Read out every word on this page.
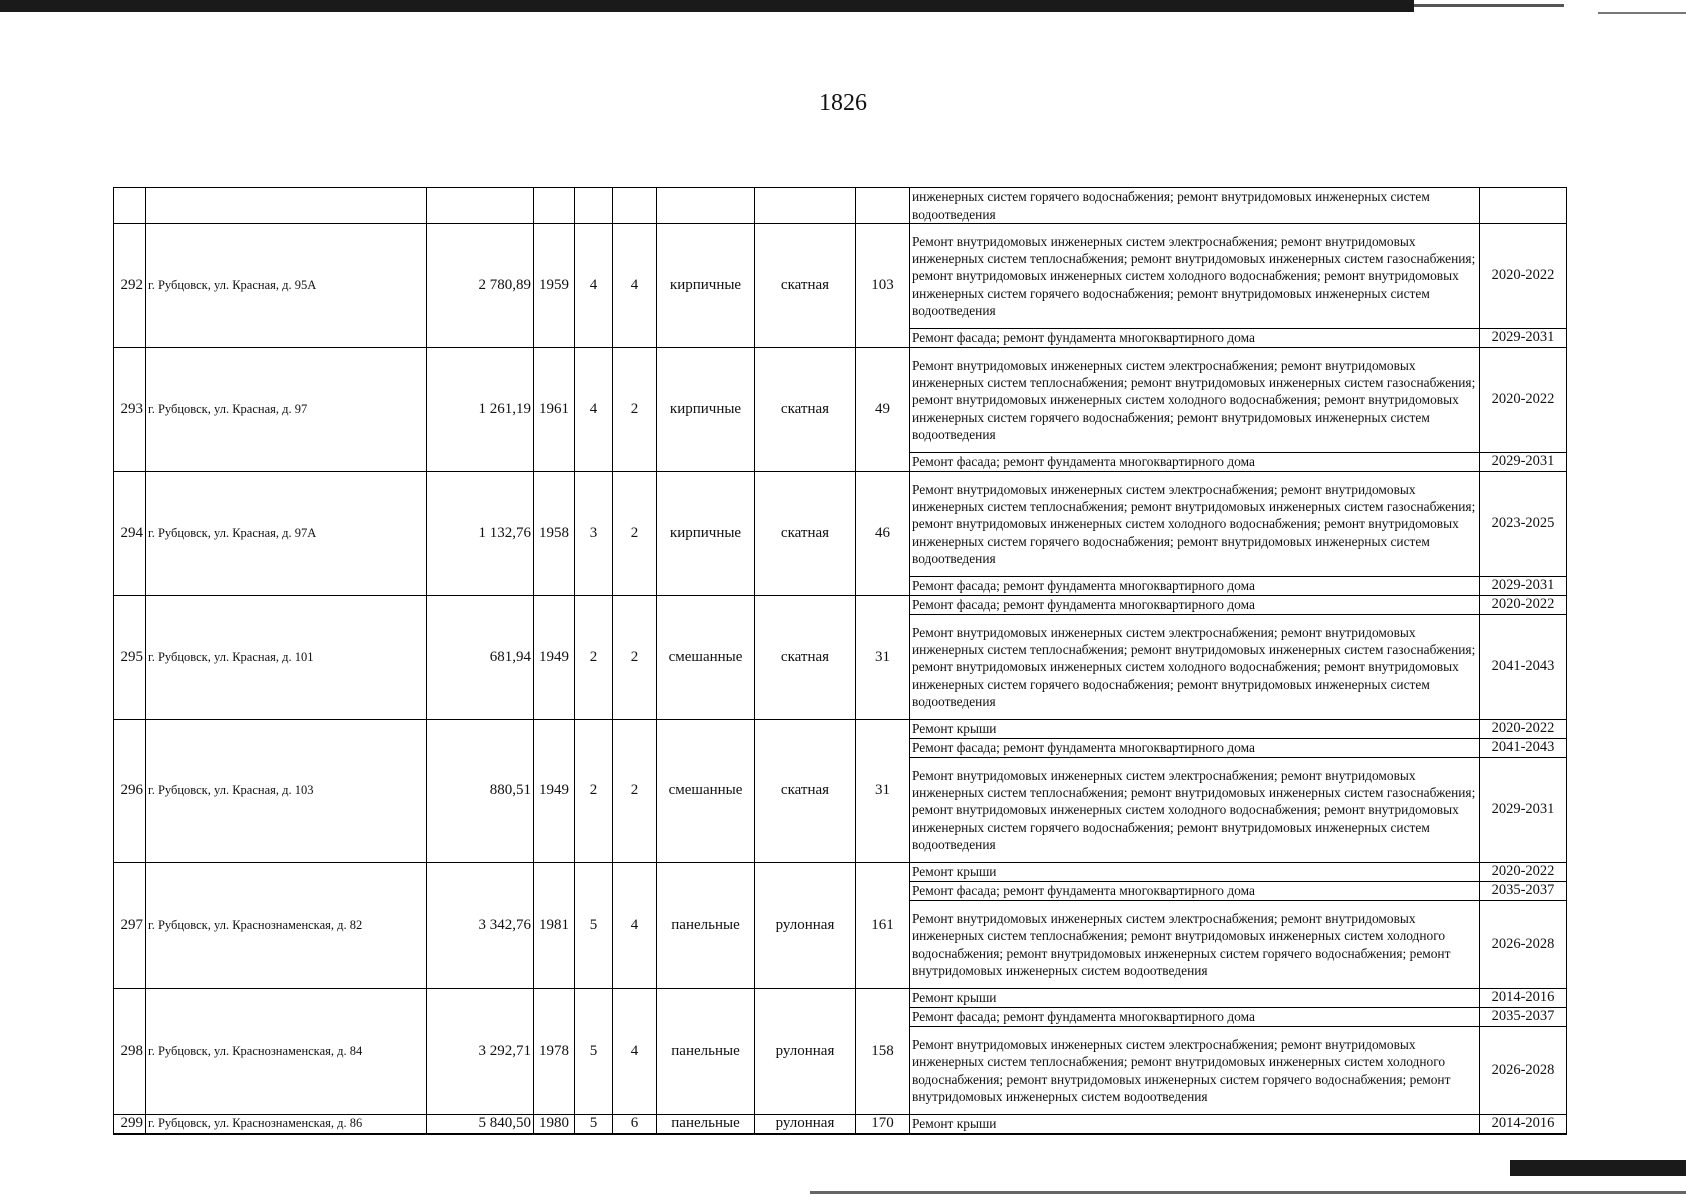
1826
									инженерных систем горячего водоснабжения; ремонт внутридомовых инженерных систем водоотведения	
292	г. Рубцовск, ул. Красная, д. 95А	2 780,89	1959	4	4	кирпичные	скатная	103	Ремонт внутридомовых инженерных систем электроснабжения; ремонт внутридомовых инженерных систем теплоснабжения; ремонт внутридомовых инженерных систем газоснабжения; ремонт внутридомовых инженерных систем холодного водоснабжения; ремонт внутридомовых инженерных систем горячего водоснабжения; ремонт внутридомовых инженерных систем водоотведения	2020-2022
									Ремонт фасада; ремонт фундамента многоквартирного дома	2029-2031
293	г. Рубцовск, ул. Красная, д. 97	1 261,19	1961	4	2	кирпичные	скатная	49	Ремонт внутридомовых инженерных систем электроснабжения; ремонт внутридомовых инженерных систем теплоснабжения; ремонт внутридомовых инженерных систем газоснабжения; ремонт внутридомовых инженерных систем холодного водоснабжения; ремонт внутридомовых инженерных систем горячего водоснабжения; ремонт внутридомовых инженерных систем водоотведения	2020-2022
									Ремонт фасада; ремонт фундамента многоквартирного дома	2029-2031
294	г. Рубцовск, ул. Красная, д. 97А	1 132,76	1958	3	2	кирпичные	скатная	46	Ремонт внутридомовых инженерных систем электроснабжения; ремонт внутридомовых инженерных систем теплоснабжения; ремонт внутридомовых инженерных систем газоснабжения; ремонт внутридомовых инженерных систем холодного водоснабжения; ремонт внутридомовых инженерных систем горячего водоснабжения; ремонт внутридомовых инженерных систем водоотведения	2023-2025
									Ремонт фасада; ремонт фундамента многоквартирного дома	2029-2031
295	г. Рубцовск, ул. Красная, д. 101	681,94	1949	2	2	смешанные	скатная	31	Ремонт фасада; ремонт фундамента многоквартирного дома	2020-2022
									Ремонт внутридомовых инженерных систем электроснабжения; ремонт внутридомовых инженерных систем теплоснабжения; ремонт внутридомовых инженерных систем газоснабжения; ремонт внутридомовых инженерных систем холодного водоснабжения; ремонт внутридомовых инженерных систем горячего водоснабжения; ремонт внутридомовых инженерных систем водоотведения	2041-2043
296	г. Рубцовск, ул. Красная, д. 103	880,51	1949	2	2	смешанные	скатная	31	Ремонт крыши	2020-2022
									Ремонт фасада; ремонт фундамента многоквартирного дома	2041-2043
									Ремонт внутридомовых инженерных систем электроснабжения; ремонт внутридомовых инженерных систем теплоснабжения; ремонт внутридомовых инженерных систем газоснабжения; ремонт внутридомовых инженерных систем холодного водоснабжения; ремонт внутридомовых инженерных систем горячего водоснабжения; ремонт внутридомовых инженерных систем водоотведения	2029-2031
297	г. Рубцовск, ул. Краснознаменская, д. 82	3 342,76	1981	5	4	панельные	рулонная	161	Ремонт крыши	2020-2022
									Ремонт фасада; ремонт фундамента многоквартирного дома	2035-2037
									Ремонт внутридомовых инженерных систем электроснабжения; ремонт внутридомовых инженерных систем теплоснабжения; ремонт внутридомовых инженерных систем холодного водоснабжения; ремонт внутридомовых инженерных систем горячего водоснабжения; ремонт внутридомовых инженерных систем водоотведения	2026-2028
298	г. Рубцовск, ул. Краснознаменская, д. 84	3 292,71	1978	5	4	панельные	рулонная	158	Ремонт крыши	2014-2016
									Ремонт фасада; ремонт фундамента многоквартирного дома	2035-2037
									Ремонт внутридомовых инженерных систем электроснабжения; ремонт внутридомовых инженерных систем теплоснабжения; ремонт внутридомовых инженерных систем холодного водоснабжения; ремонт внутридомовых инженерных систем горячего водоснабжения; ремонт внутридомовых инженерных систем водоотведения	2026-2028
299	г. Рубцовск, ул. Краснознаменская, д. 86	5 840,50	1980	5	6	панельные	рулонная	170	Ремонт крыши	2014-2016
